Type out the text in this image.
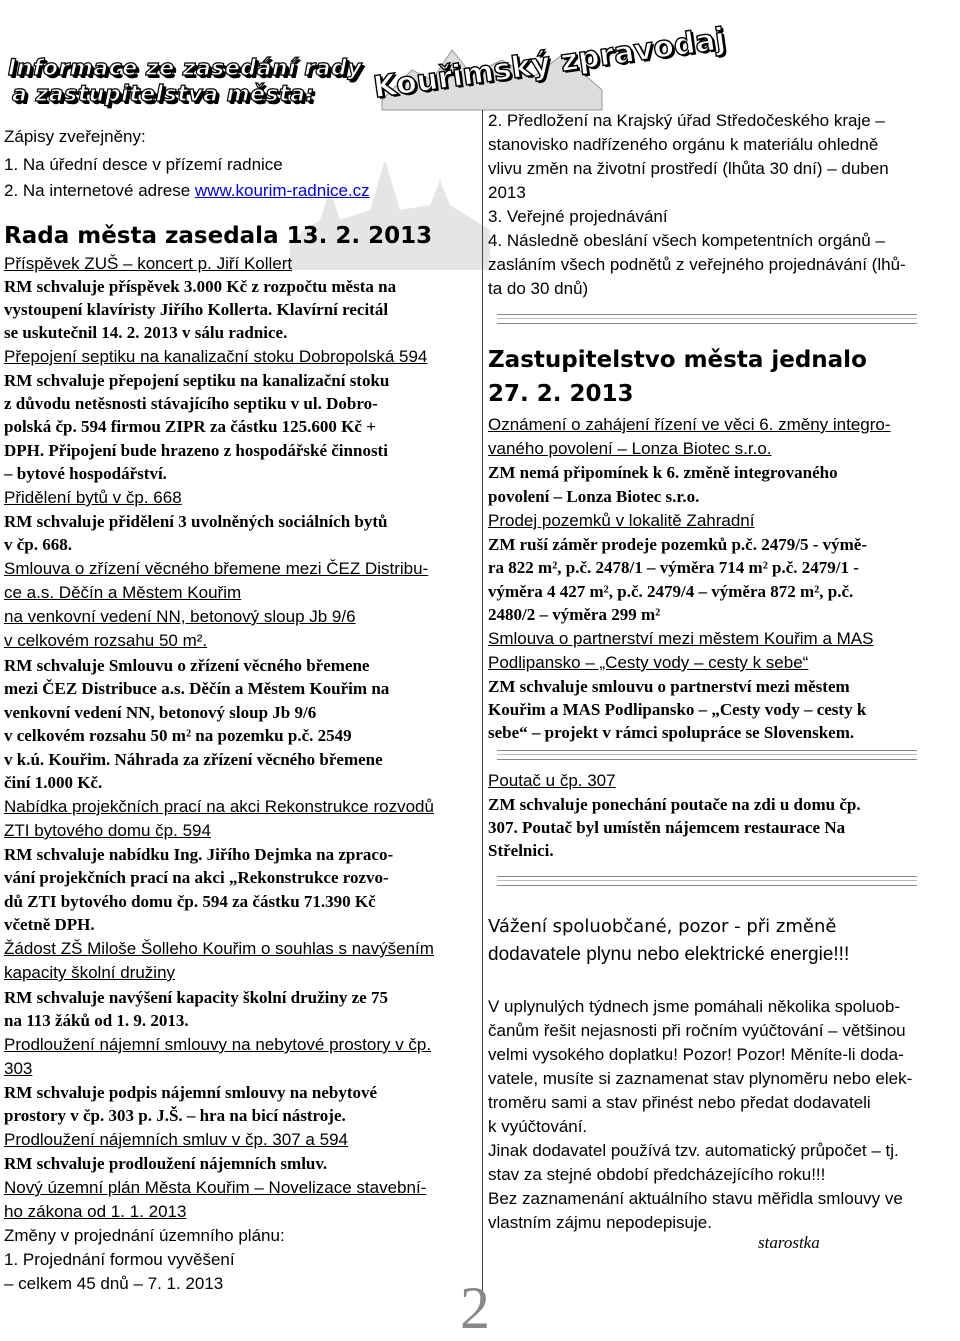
Informace ze zasedání rady
a zastupitelstva města:	Kouřimský zpravodaj
Zápisy zveřejněny:
1. Na úřední desce v přízemí radnice
2. Na internetové adrese www.kourim-radnice.cz
Rada města zasedala 13. 2. 2013
Příspěvek ZUŠ – koncert p. Jiří Kollert
RM schvaluje příspěvek 3.000 Kč z rozpočtu města na
vystoupení klavíristy Jiřího Kollerta. Klavírní recitál
se uskutečnil 14. 2. 2013 v sálu radnice.
Přepojení septiku na kanalizační stoku Dobropolská 594
RM schvaluje přepojení septiku na kanalizační stoku
z důvodu netěsnosti stávajícího septiku v ul. Dobro-
polská čp. 594 firmou ZIPR za částku 125.600 Kč +
DPH. Připojení bude hrazeno z hospodářské činnosti
– bytové hospodářství.
Přidělení bytů v čp. 668
RM schvaluje přidělení 3 uvolněných sociálních bytů
v čp. 668.
Smlouva o zřízení věcného břemene mezi ČEZ Distribu-
ce a.s. Děčín a Městem Kouřim
na venkovní vedení NN, betonový sloup Jb 9/6
v celkovém rozsahu 50 m².
RM schvaluje Smlouvu o zřízení věcného břemene
mezi ČEZ Distribuce a.s. Děčín a Městem Kouřim na
venkovní vedení NN, betonový sloup Jb 9/6
v celkovém rozsahu 50 m² na pozemku p.č. 2549
v k.ú. Kouřim. Náhrada za zřízení věcného břemene
činí 1.000 Kč.
Nabídka projekčních prací na akci Rekonstrukce rozvodů
ZTI bytového domu čp. 594
RM schvaluje nabídku Ing. Jiřího Dejmka na zpraco-
vání projekčních prací na akci „Rekonstrukce rozvo-
dů ZTI bytového domu čp. 594 za částku 71.390 Kč
včetně DPH.
Žádost ZŠ Miloše Šolleho Kouřim o souhlas s navýšením
kapacity školní družiny
RM schvaluje navýšení kapacity školní družiny ze 75
na 113 žáků od 1. 9. 2013.
Prodloužení nájemní smlouvy na nebytové prostory v čp.
303
RM schvaluje podpis nájemní smlouvy na nebytové
prostory v čp. 303 p. J.Š. – hra na bicí nástroje.
Prodloužení nájemních smluv v čp. 307 a 594
RM schvaluje prodloužení nájemních smluv.
Nový územní plán Města Kouřim – Novelizace stavební-
ho zákona od 1. 1. 2013
Změny v projednání územního plánu:
1. Projednání formou vyvěšení
– celkem 45 dnů – 7. 1. 2013
2. Předložení na Krajský úřad Středočeského kraje –
stanovisko nadřízeného orgánu k materiálu ohledně
vlivu změn na životní prostředí (lhůta 30 dní) – duben
2013
3. Veřejné projednávání
4. Následně obeslání všech kompetentních orgánů –
zasláním všech podnětů z veřejného projednávání (lhů-
ta do 30 dnů)
Zastupitelstvo města jednalo
27. 2. 2013
Oznámení o zahájení řízení ve věci 6. změny integro-
vaného povolení – Lonza Biotec s.r.o.
ZM nemá připomínek k 6. změně integrovaného
povolení – Lonza Biotec s.r.o.
Prodej pozemků v lokalitě Zahradní
ZM ruší záměr prodeje pozemků p.č. 2479/5 - výmě-
ra 822 m², p.č. 2478/1 – výměra 714 m² p.č. 2479/1 -
výměra 4 427 m², p.č. 2479/4 – výměra 872 m², p.č.
2480/2 – výměra 299 m²
Smlouva o partnerství mezi městem Kouřim a MAS
Podlipansko – „Cesty vody – cesty k sebe“
ZM schvaluje smlouvu o partnerství mezi městem
Kouřim a MAS Podlipansko – „Cesty vody – cesty k
sebe“ – projekt v rámci spolupráce se Slovenskem.
Poutač u čp. 307
ZM schvaluje ponechání poutače na zdi u domu čp.
307. Poutač byl umístěn nájemcem restaurace Na
Střelnici.
Vážení spoluobčané, pozor - při změně
dodavatele plynu nebo elektrické energie!!!
V uplynulých týdnech jsme pomáhali několika spoluob-
čanům řešit nejasnosti při ročním vyúčtování – většinou
velmi vysokého doplatku! Pozor! Pozor! Měníte-li doda-
vatele, musíte si zaznamenat stav plynoměru nebo elek-
troměru sami a stav přinést nebo předat dodavateli
k vyúčtování.
Jinak dodavatel používá tzv. automatický průpočet – tj.
stav za stejné období předcházejícího roku!!!
Bez zaznamenání aktuálního stavu měřidla smlouvy ve
vlastním zájmu nepodepisuje.
starostka
2
